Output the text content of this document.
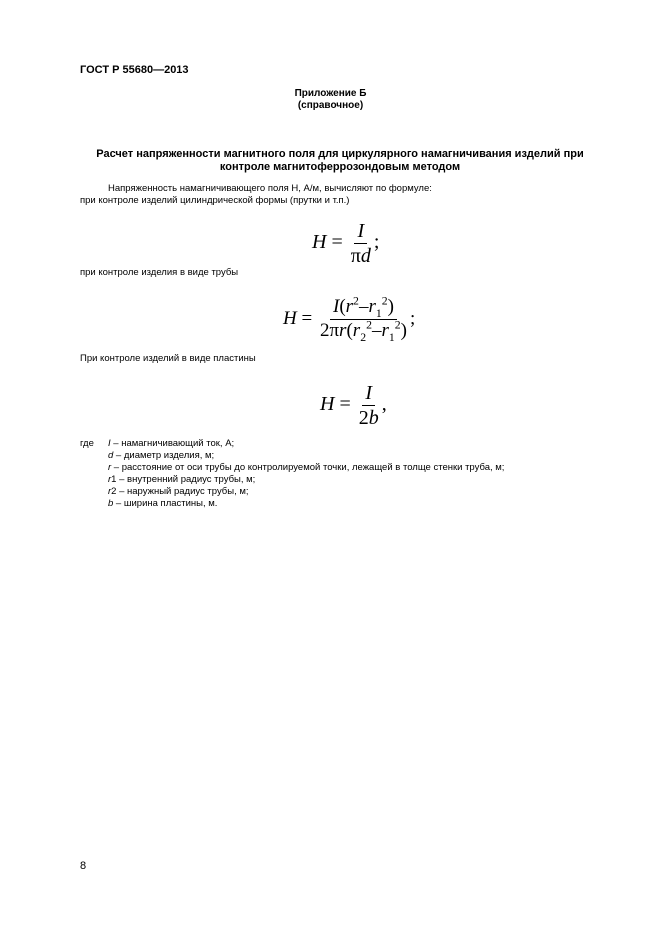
ГОСТ Р 55680—2013
Приложение Б
(справочное)
Расчет напряженности магнитного поля для циркулярного намагничивания изделий при
контроле магнитоферрозондовым методом
Напряженность намагничивающего поля Н, А/м, вычисляют по формуле:
при контроле изделий цилиндрической формы (прутки и т.п.)
$H = \frac{I}{\pi d}$ ;
при контроле изделия в виде трубы
$H = \frac{I(r^2-r_1^2)}{2\pi r(r_2^2-r_1^2)}$ ;
При контроле изделий в виде пластины
$H = \frac{I}{2b}$ ,
где I – намагничивающий ток, А;
d – диаметр изделия, м;
r – расстояние от оси трубы до контролируемой точки, лежащей в толще стенки труба, м;
r1 – внутренний радиус трубы, м;
r2 – наружный радиус трубы, м;
b – ширина пластины, м.
8
